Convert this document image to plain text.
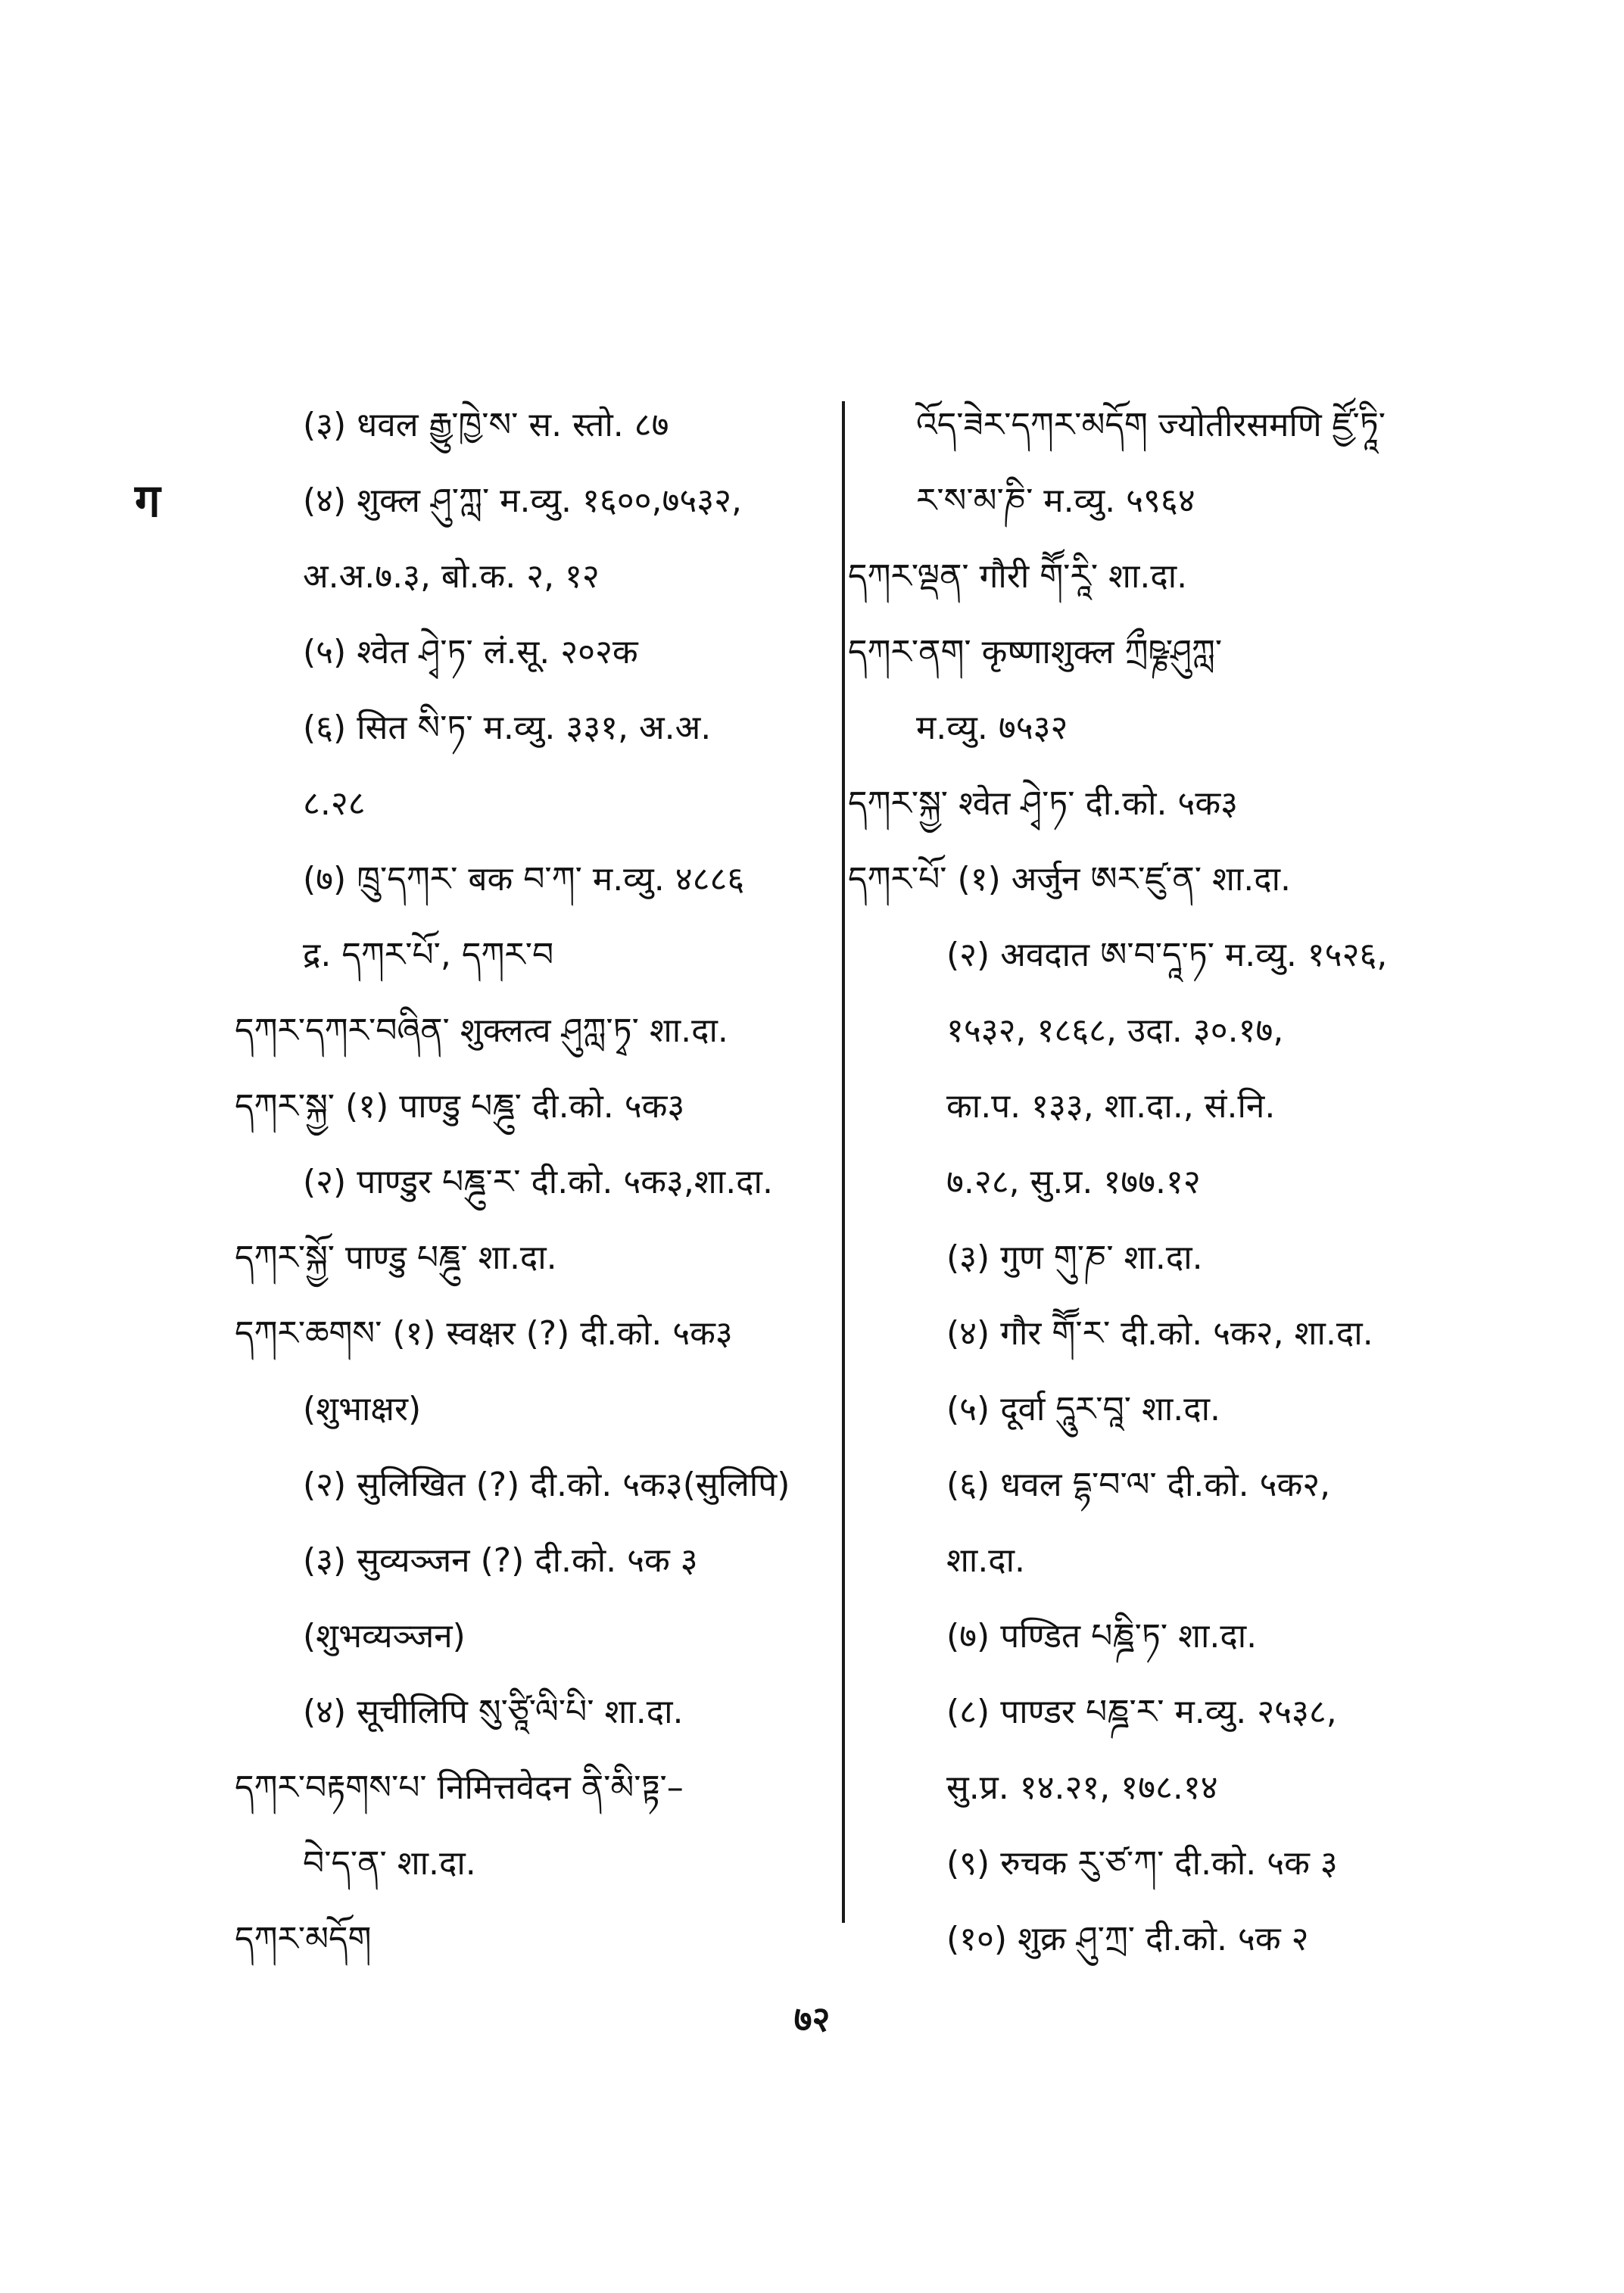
ग
(३) धवल རྒྱུ་ཁྱེ་ས་ स. स्तो. ८७
(४) शुक्ल ཤུ་ཀླ་ म.व्यु. १६००,७५३२,
अ.अ.७.३, बो.क. २, १२
(५) श्वेत ཤྭེ་ཏ་ लं.सू. २०२क
(६) सित སི་ཏ་ म.व्यु. ३३१, अ.अ.
८.२८
(७) ཁྲུ་དཀར་ बक བ་ཀ་ म.व्यु. ४८८६
द्र. དཀར་པོ་, དཀར་བ
དཀར་དཀར་བཞིན་ शुक्लत्व ཤུཀླ་ཏྭ་ शा.दा.
དཀར་སྐྱ་ (१) पाण्डु པཎྜུ་ दी.को. ५क३
(२) पाण्डुर པཎྜུ་ར་ दी.को. ५क३,शा.दा.
དཀར་སྐྱོ་ पाण्डु པཎྜུ་ शा.दा.
དཀར་ཆགས་ (१) स्वक्षर (?) दी.को. ५क३
(शुभाक्षर)
(२) सुलिखित (?) दी.को. ५क३(सुलिपि)
(३) सुव्यञ्जन (?) दी.को. ५क ३
(शुभव्यञ्जन)
(४) सूचीलिपि སུ་ཙཱི་ལི་པི་ शा.दा.
དཀར་བརྟགས་པ་ निमित्तवेदन ནི་མི་ཏྟ་–
བེ་ད་ན་ शा.दा.
དཀར་མདོག
འོད་ཟེར་དཀར་མདོག ज्योतीरसमणि ཛྱོ་ཏཱི་
ར་ས་མ་ཎི་ म.व्यु. ५९६४
དཀར་ལྡན་ गौरी གཽ་རཱི་ शा.दा.
དཀར་ནག་ कृष्णाशुक्ल ཀྲྀཥྞ་ཤུཀླ་
म.व्यु. ७५३२
དཀར་སྐྱ་ श्वेत ཤྭེ་ཏ་ दी.को. ५क३
དཀར་པོ་ (१) अर्जुन ཨར་ཛུ་ན་ शा.दा.
(२) अवदात ཨ་བ་དཱ་ཏ་ म.व्यु. १५२६,
१५३२, १८६८, उदा. ३०.१७,
का.प. १३३, शा.दा., सं.नि.
७.२८, सु.प्र. १७७.१२
(३) गुण གུ་ཎ་ शा.दा.
(४) गौर གཽ་ར་ दी.को. ५क२, शा.दा.
(५) दूर्वा དཱུར་བཱ་ शा.दा.
(६) धवल དྷ་བ་ལ་ दी.को. ५क२,
शा.दा.
(७) पण्डित པཎྜི་ཏ་ शा.दा.
(८) पाण्डर པཎྜ་ར་ म.व्यु. २५३८,
सु.प्र. १४.२१, १७८.१४
(९) रुचक རུ་ཙ་ཀ་ दी.को. ५क ३
(१०) शुक्र ཤུ་ཀྲ་ दी.को. ५क २
७२
